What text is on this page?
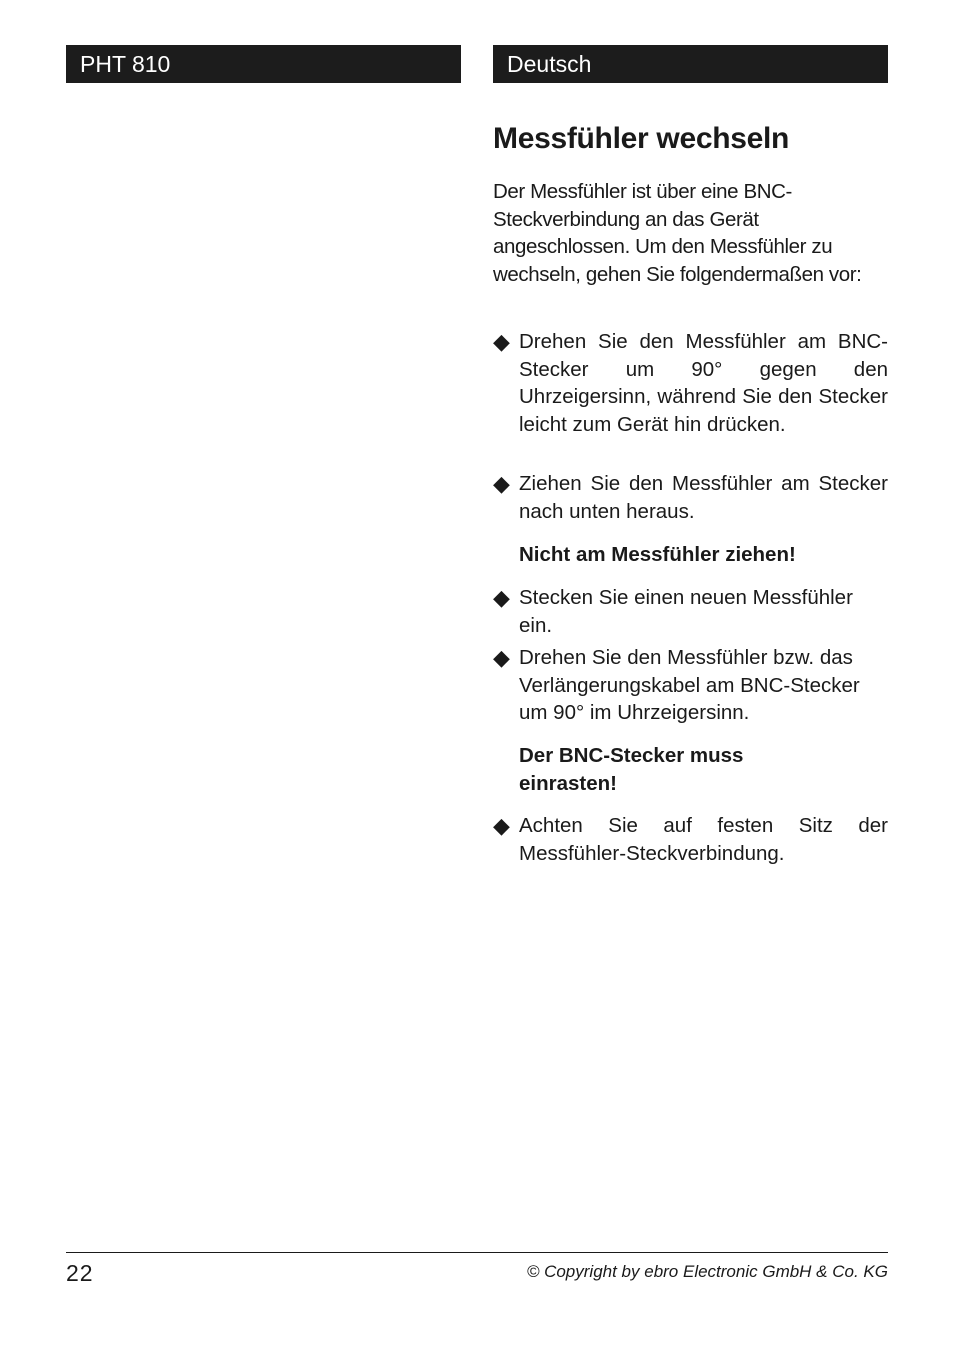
PHT 810	Deutsch
Messfühler wechseln

Der Messfühler ist über eine BNC-Steckverbindung an das Gerät angeschlossen. Um den Messfühler zu wechseln, gehen Sie folgendermaßen vor:

◆ Drehen Sie den Messfühler am BNC-Stecker um 90° gegen den Uhrzeigersinn, während Sie den Stecker leicht zum Gerät hin drücken.
◆ Ziehen Sie den Messfühler am Stecker nach unten heraus.
Nicht am Messfühler ziehen!
◆ Stecken Sie einen neuen Messfühler ein.
◆ Drehen Sie den Messfühler bzw. das Verlängerungskabel am BNC-Stecker um 90° im Uhrzeigersinn.
Der BNC-Stecker muss einrasten!
◆ Achten Sie auf festen Sitz der Messfühler-Steckverbindung.
22	© Copyright by ebro Electronic GmbH & Co. KG
